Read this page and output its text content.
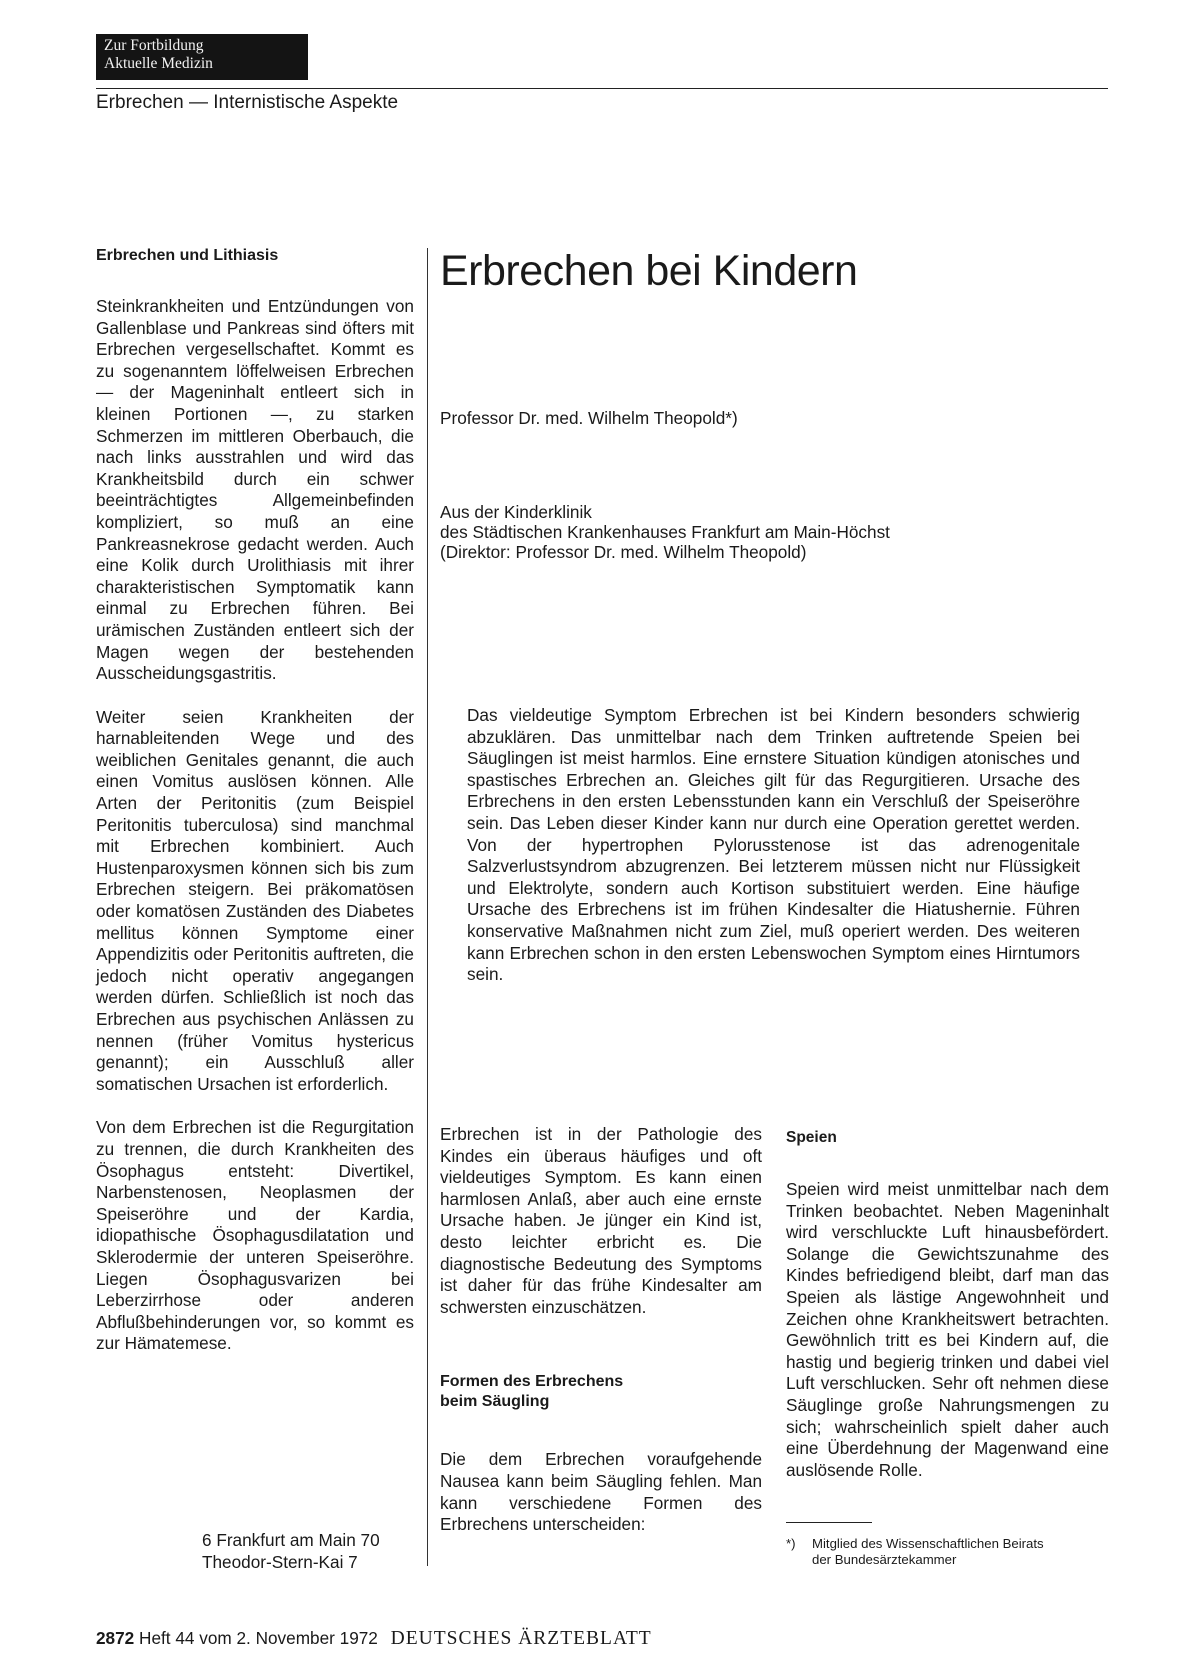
Zur Fortbildung
Aktuelle Medizin
Erbrechen — Internistische Aspekte

Erbrechen und Lithiasis

Steinkrankheiten und Entzündungen von Gallenblase und Pankreas sind öfters mit Erbrechen vergesellschaftet. Kommt es zu sogenanntem löffelweisen Erbrechen — der Mageninhalt entleert sich in kleinen Portionen —, zu starken Schmerzen im mittleren Oberbauch, die nach links ausstrahlen und wird das Krankheitsbild durch ein schwer beeinträchtigtes Allgemeinbefinden kompliziert, so muß an eine Pankreasnekrose gedacht werden. Auch eine Kolik durch Urolithiasis mit ihrer charakteristischen Symptomatik kann einmal zu Erbrechen führen. Bei urämischen Zuständen entleert sich der Magen wegen der bestehenden Ausscheidungsgastritis.

Weiter seien Krankheiten der harnableitenden Wege und des weiblichen Genitales genannt, die auch einen Vomitus auslösen können. Alle Arten der Peritonitis (zum Beispiel Peritonitis tuberculosa) sind manchmal mit Erbrechen kombiniert. Auch Hustenparoxysmen können sich bis zum Erbrechen steigern. Bei präkomatösen oder komatösen Zuständen des Diabetes mellitus können Symptome einer Appendizitis oder Peritonitis auftreten, die jedoch nicht operativ angegangen werden dürfen. Schließlich ist noch das Erbrechen aus psychischen Anlässen zu nennen (früher Vomitus hystericus genannt); ein Ausschluß aller somatischen Ursachen ist erforderlich.

Von dem Erbrechen ist die Regurgitation zu trennen, die durch Krankheiten des Ösophagus entsteht: Divertikel, Narbenstenosen, Neoplasmen der Speiseröhre und der Kardia, idiopathische Ösophagusdilatation und Sklerodermie der unteren Speiseröhre. Liegen Ösophagusvarizen bei Leberzirrhose oder anderen Abflußbehinderungen vor, so kommt es zur Hämatemese.

6 Frankfurt am Main 70
Theodor-Stern-Kai 7
Erbrechen bei Kindern
Professor Dr. med. Wilhelm Theopold*)
Aus der Kinderklinik
des Städtischen Krankenhauses Frankfurt am Main-Höchst
(Direktor: Professor Dr. med. Wilhelm Theopold)
Das vieldeutige Symptom Erbrechen ist bei Kindern besonders schwierig abzuklären. Das unmittelbar nach dem Trinken auftretende Speien bei Säuglingen ist meist harmlos. Eine ernstere Situation kündigen atonisches und spastisches Erbrechen an. Gleiches gilt für das Regurgitieren. Ursache des Erbrechens in den ersten Lebensstunden kann ein Verschluß der Speiseröhre sein. Das Leben dieser Kinder kann nur durch eine Operation gerettet werden. Von der hypertrophen Pylorusstenose ist das adrenogenitale Salzverlustsyndrom abzugrenzen. Bei letzterem müssen nicht nur Flüssigkeit und Elektrolyte, sondern auch Kortison substituiert werden. Eine häufige Ursache des Erbrechens ist im frühen Kindesalter die Hiatushernie. Führen konservative Maßnahmen nicht zum Ziel, muß operiert werden. Des weiteren kann Erbrechen schon in den ersten Lebenswochen Symptom eines Hirntumors sein.

Erbrechen ist in der Pathologie des Kindes ein überaus häufiges und oft vieldeutiges Symptom. Es kann einen harmlosen Anlaß, aber auch eine ernste Ursache haben. Je jünger ein Kind ist, desto leichter erbricht es. Die diagnostische Bedeutung des Symptoms ist daher für das frühe Kindesalter am schwersten einzuschätzen.

Formen des Erbrechens
beim Säugling

Die dem Erbrechen voraufgehende Nausea kann beim Säugling fehlen. Man kann verschiedene Formen des Erbrechens unterscheiden:

Speien

Speien wird meist unmittelbar nach dem Trinken beobachtet. Neben Mageninhalt wird verschluckte Luft hinausbefördert. Solange die Gewichtszunahme des Kindes befriedigend bleibt, darf man das Speien als lästige Angewohnheit und Zeichen ohne Krankheitswert betrachten. Gewöhnlich tritt es bei Kindern auf, die hastig und begierig trinken und dabei viel Luft verschlucken. Sehr oft nehmen diese Säuglinge große Nahrungsmengen zu sich; wahrscheinlich spielt daher auch eine Überdehnung der Magenwand eine auslösende Rolle.

*) Mitglied des Wissenschaftlichen Beirats
der Bundesärztekammer
2872 Heft 44 vom 2. November 1972 DEUTSCHES ÄRZTEBLATT
